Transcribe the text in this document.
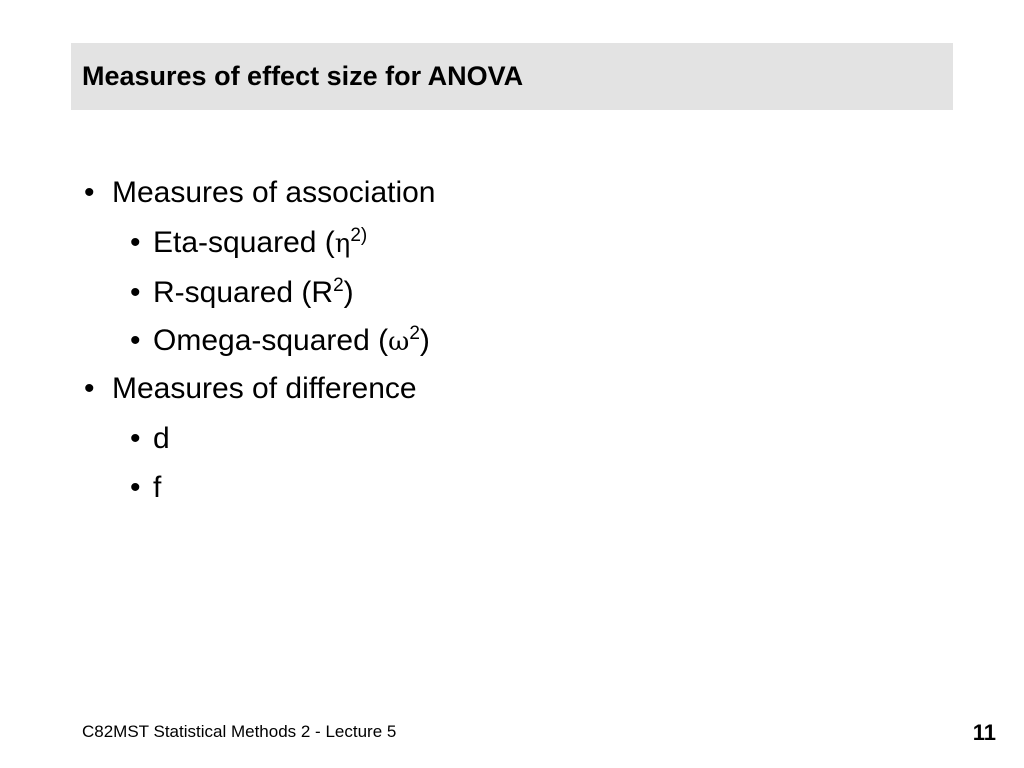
Measures of effect size for ANOVA
• Measures of association
• Eta-squared ($\eta^{2)}$
• R-squared $(R^2)$
• Omega-squared $(\omega^2)$
• Measures of difference
• d
• f
C82MST Statistical Methods 2 - Lecture 5	11
